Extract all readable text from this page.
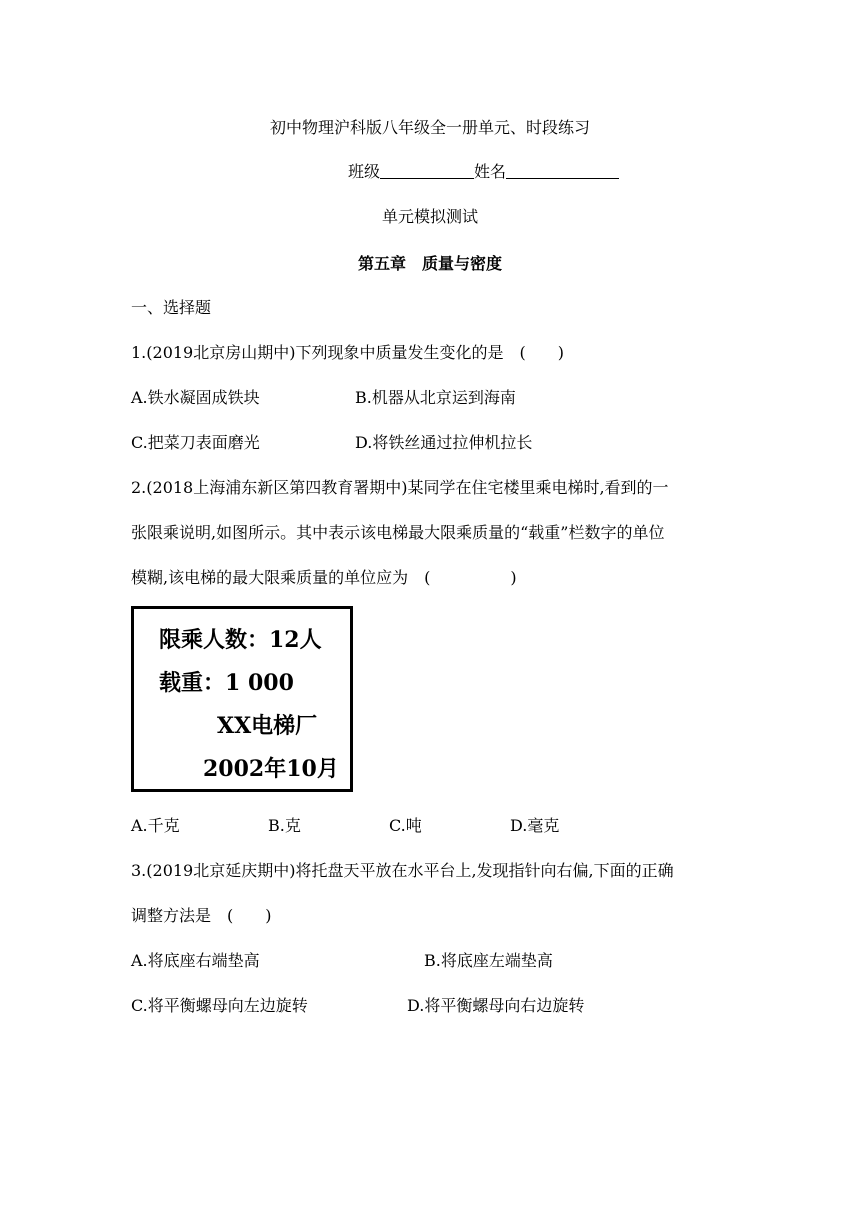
初中物理沪科版八年级全一册单元、时段练习
班级	姓名
单元模拟测试
第五章　质量与密度
一、选择题
1.(2019北京房山期中)下列现象中质量发生变化的是　(　　)
A.铁水凝固成铁块	B.机器从北京运到海南
C.把菜刀表面磨光	D.将铁丝通过拉伸机拉长
2.(2018上海浦东新区第四教育署期中)某同学在住宅楼里乘电梯时,看到的一
张限乘说明,如图所示。其中表示该电梯最大限乘质量的“载重”栏数字的单位
模糊,该电梯的最大限乘质量的单位应为　(　　　　　)
限乘人数：12人
载重：1 000
XX电梯厂
2002年10月
A.千克	B.克	C.吨	D.毫克
3.(2019北京延庆期中)将托盘天平放在水平台上,发现指针向右偏,下面的正确
调整方法是　(　　)
A.将底座右端垫高	B.将底座左端垫高
C.将平衡螺母向左边旋转	D.将平衡螺母向右边旋转
